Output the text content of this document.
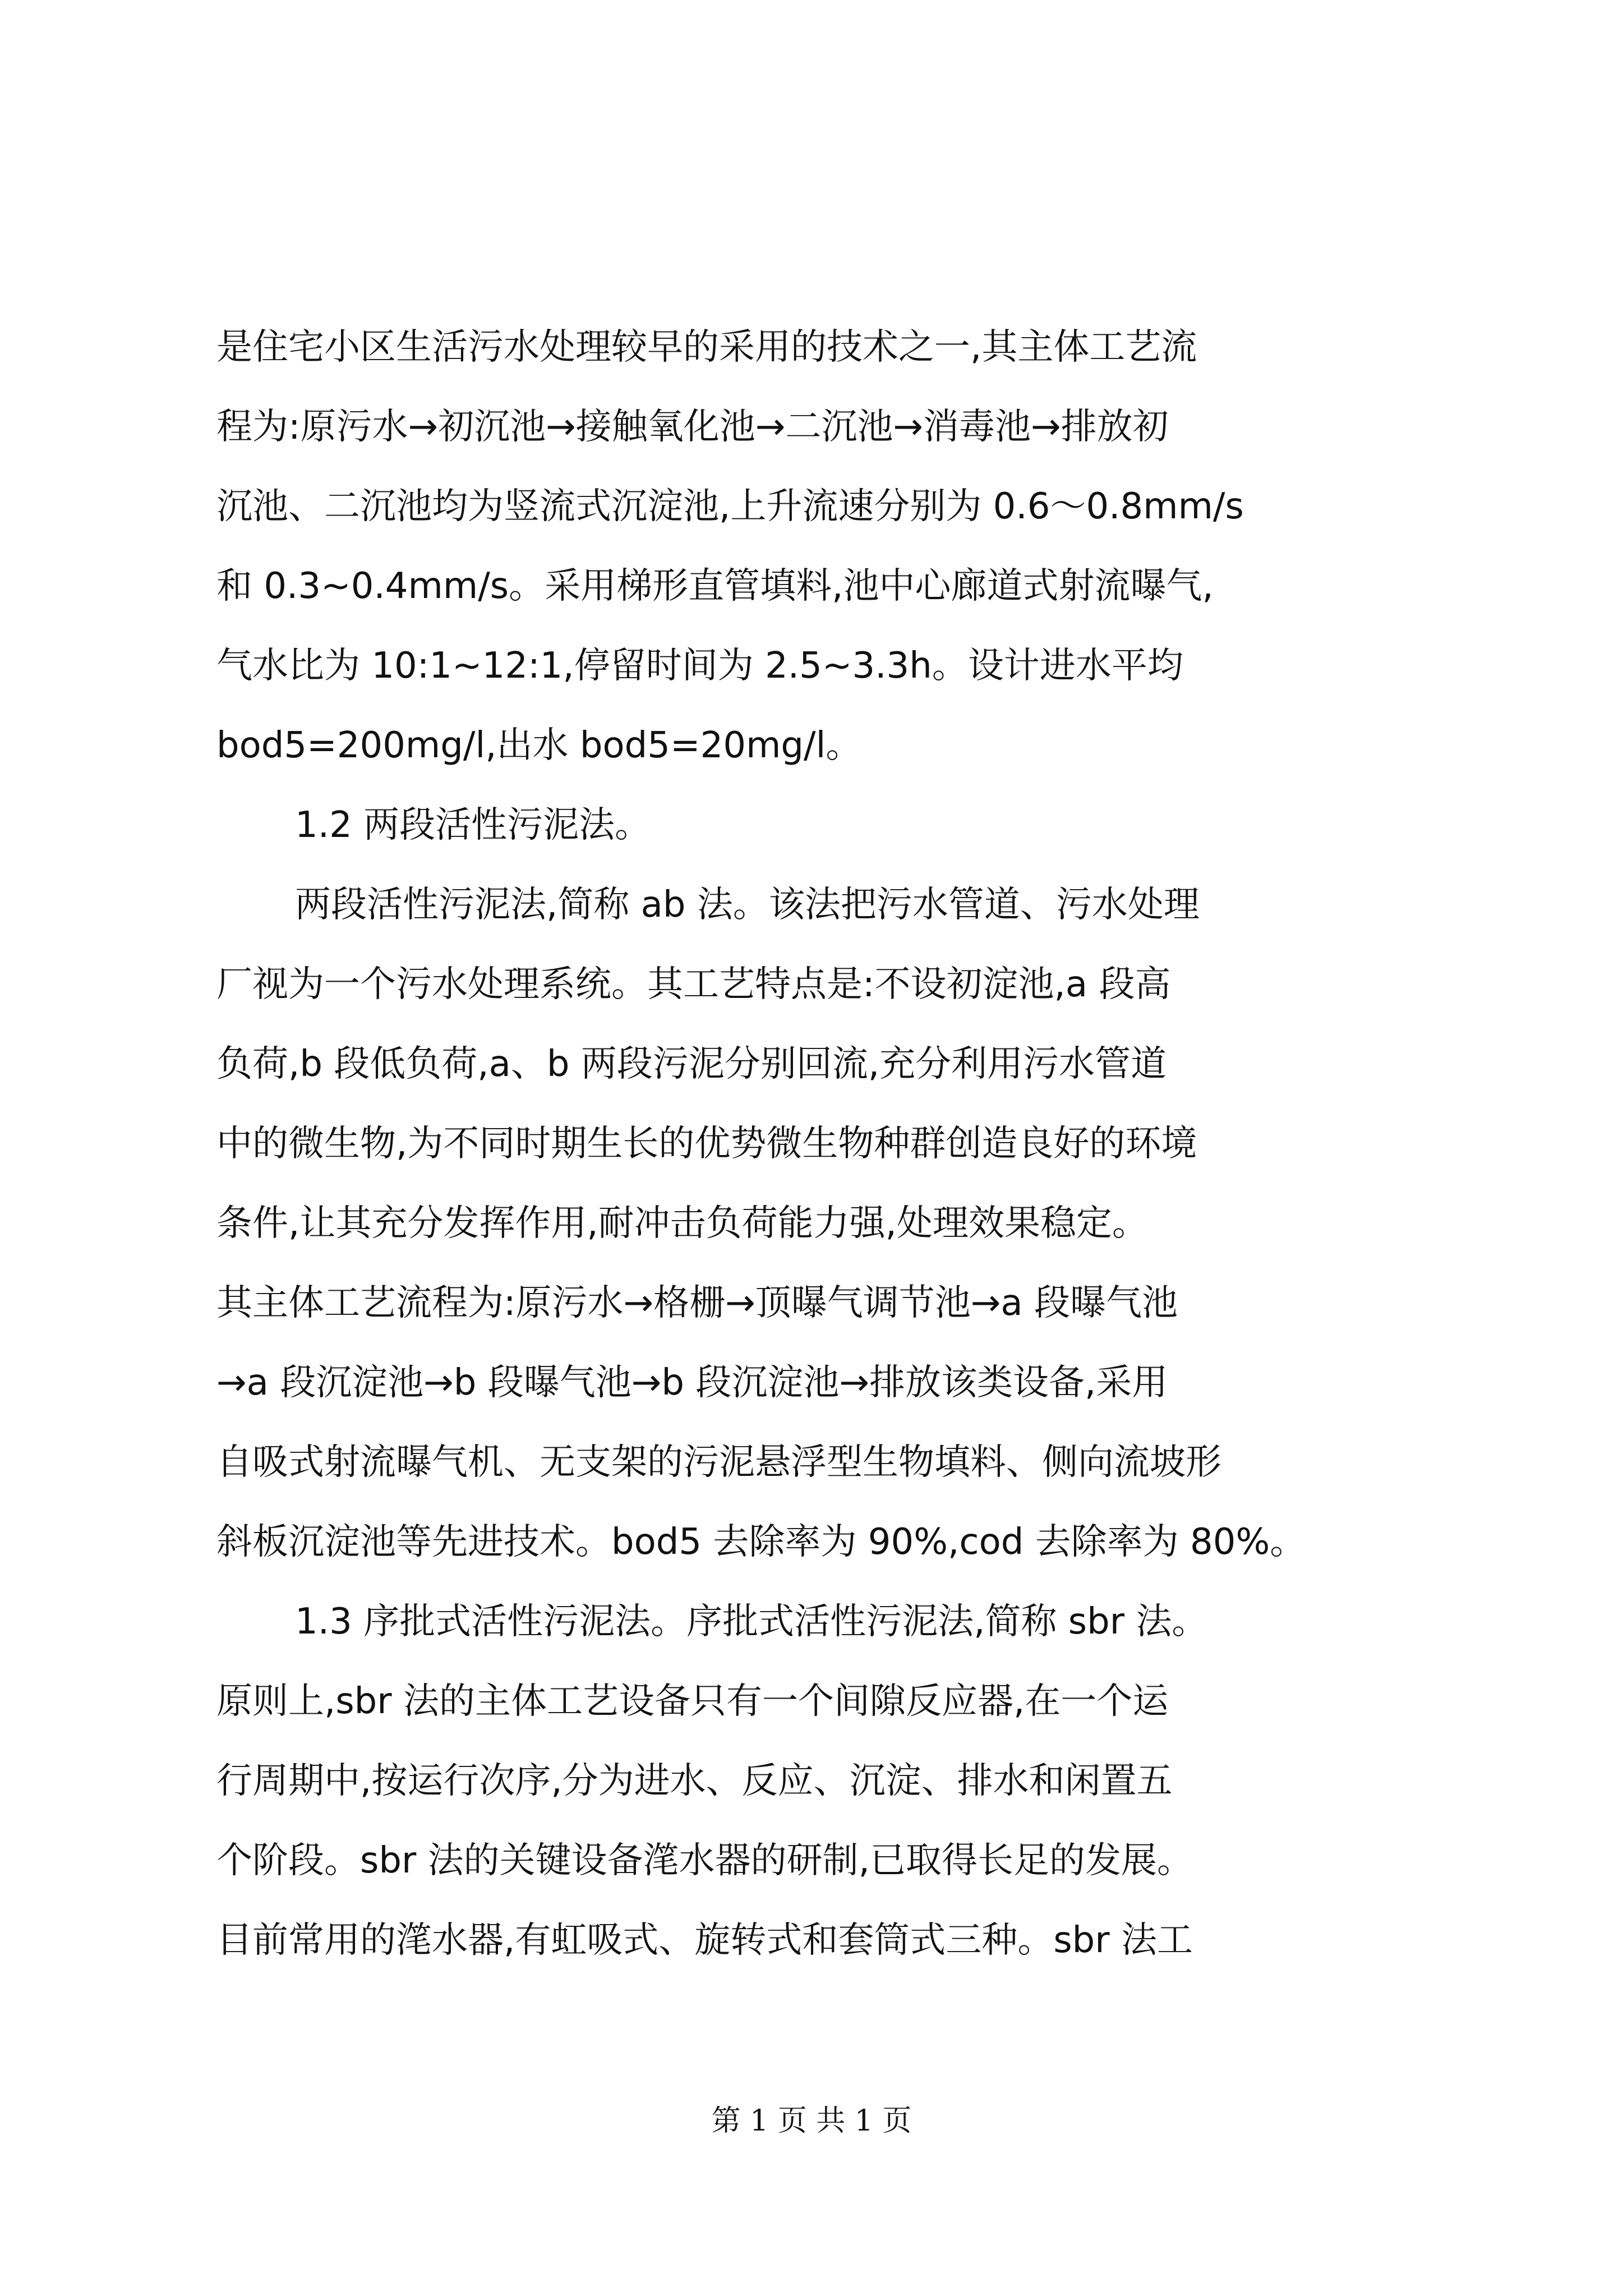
是住宅小区生活污水处理较早的采用的技术之一,其主体工艺流
程为:原污水→初沉池→接触氧化池→二沉池→消毒池→排放初
沉池、二沉池均为竖流式沉淀池,上升流速分别为 0.6～0.8mm/s
和 0.3~0.4mm/s。采用梯形直管填料,池中心廊道式射流曝气,
气水比为 10:1~12:1,停留时间为 2.5~3.3h。设计进水平均
bod5=200mg/l,出水 bod5=20mg/l。
1.2 两段活性污泥法。
两段活性污泥法,简称 ab 法。该法把污水管道、污水处理
厂视为一个污水处理系统。其工艺特点是:不设初淀池,a 段高
负荷,b 段低负荷,a、b 两段污泥分别回流,充分利用污水管道
中的微生物,为不同时期生长的优势微生物种群创造良好的环境
条件,让其充分发挥作用,耐冲击负荷能力强,处理效果稳定。
其主体工艺流程为:原污水→格栅→顶曝气调节池→a 段曝气池
→a 段沉淀池→b 段曝气池→b 段沉淀池→排放该类设备,采用
自吸式射流曝气机、无支架的污泥悬浮型生物填料、侧向流坡形
斜板沉淀池等先进技术。bod5 去除率为 90%,cod 去除率为 80%。
1.3 序批式活性污泥法。序批式活性污泥法,简称 sbr 法。
原则上,sbr 法的主体工艺设备只有一个间隙反应器,在一个运
行周期中,按运行次序,分为进水、反应、沉淀、排水和闲置五
个阶段。sbr 法的关键设备滗水器的研制,已取得长足的发展。
目前常用的滗水器,有虹吸式、旋转式和套筒式三种。sbr 法工
第 1 页 共 1 页
